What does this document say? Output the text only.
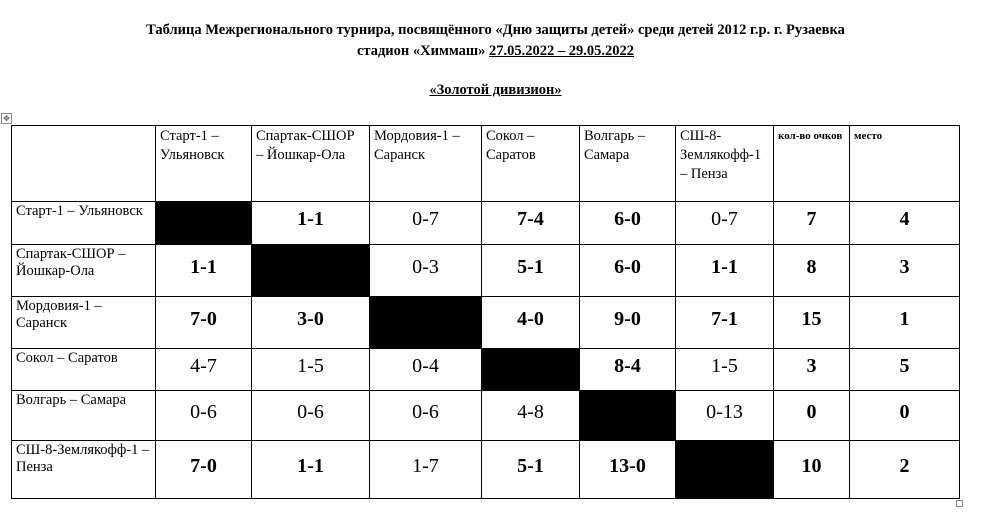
Таблица Межрегионального турнира, посвящённого «Дню защиты детей» среди детей 2012 г.р. г. Рузаевка
стадион «Химмаш» 27.05.2022 – 29.05.2022
«Золотой дивизион»
✥
	Старт-1 – Ульяновск	Спартак-СШОР – Йошкар-Ола	Мордовия-1 – Саранск	Сокол – Саратов	Волгарь – Самара	СШ-8-Землякофф-1 – Пенза	кол-во очков	место
Старт-1 – Ульяновск		1-1	0-7	7-4	6-0	0-7	7	4
Спартак-СШОР – Йошкар-Ола	1-1		0-3	5-1	6-0	1-1	8	3
Мордовия-1 – Саранск	7-0	3-0		4-0	9-0	7-1	15	1
Сокол – Саратов	4-7	1-5	0-4		8-4	1-5	3	5
Волгарь – Самара	0-6	0-6	0-6	4-8		0-13	0	0
СШ-8-Землякофф-1 – Пенза	7-0	1-1	1-7	5-1	13-0		10	2
